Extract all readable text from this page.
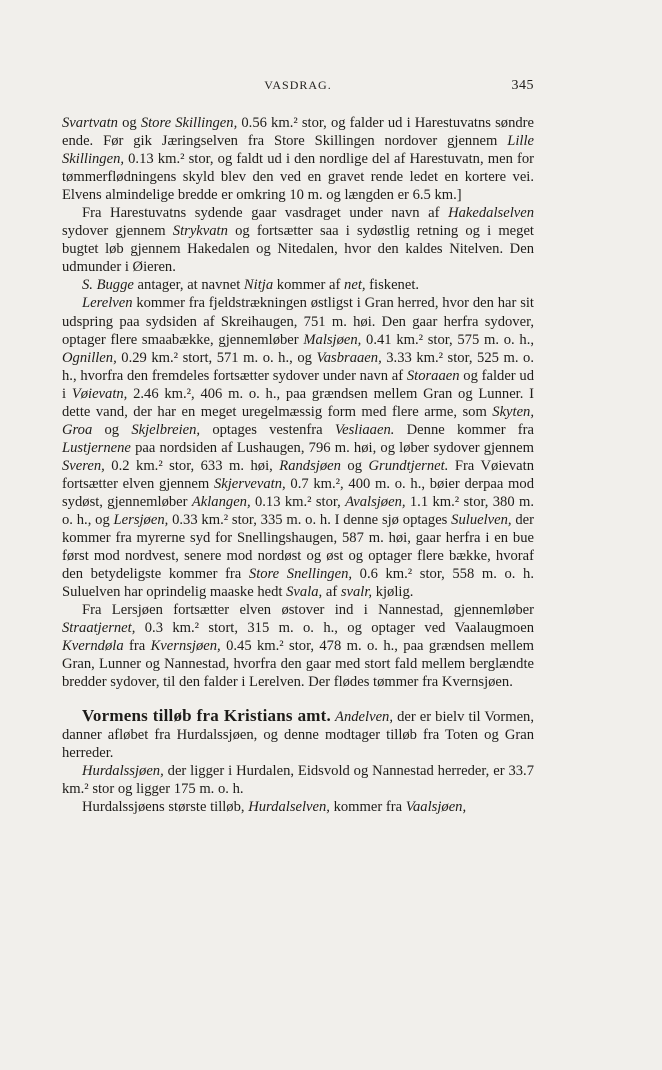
VASDRAG.	345

Svartvatn og Store Skillingen, 0.56 km.² stor, og falder ud i Harestuvatns søndre ende. Før gik Jæringselven fra Store Skillingen nordover gjennem Lille Skillingen, 0.13 km.² stor, og faldt ud i den nordlige del af Harestuvatn, men for tømmerflødningens skyld blev den ved en gravet rende ledet en kortere vei. Elvens almindelige bredde er omkring 10 m. og længden er 6.5 km.]

Fra Harestuvatns sydende gaar vasdraget under navn af Hakedalselven sydover gjennem Strykvatn og fortsætter saa i sydøstlig retning og i meget bugtet løb gjennem Hakedalen og Nitedalen, hvor den kaldes Nitelven. Den udmunder i Øieren.

S. Bugge antager, at navnet Nitja kommer af net, fiskenet.

Lerelven kommer fra fjeldstrækningen østligst i Gran herred, hvor den har sit udspring paa sydsiden af Skreihaugen, 751 m. høi. Den gaar herfra sydover, optager flere smaabække, gjennemløber Malsjøen, 0.41 km.² stor, 575 m. o. h., Ognillen, 0.29 km.² stort, 571 m. o. h., og Vasbraaen, 3.33 km.² stor, 525 m. o. h., hvorfra den fremdeles fortsætter sydover under navn af Storaaen og falder ud i Vøievatn, 2.46 km.², 406 m. o. h., paa grændsen mellem Gran og Lunner. I dette vand, der har en meget uregelmæssig form med flere arme, som Skyten, Groa og Skjelbreien, optages vestenfra Vesliaaen. Denne kommer fra Lustjernene paa nordsiden af Lushaugen, 796 m. høi, og løber sydover gjennem Sveren, 0.2 km.² stor, 633 m. høi, Randsjøen og Grundtjernet. Fra Vøievatn fortsætter elven gjennem Skjervevatn, 0.7 km.², 400 m. o. h., bøier derpaa mod sydøst, gjennemløber Aklangen, 0.13 km.² stor, Avalsjøen, 1.1 km.² stor, 380 m. o. h., og Lersjøen, 0.33 km.² stor, 335 m. o. h. I denne sjø optages Suluelven, der kommer fra myrerne syd for Snellingshaugen, 587 m. høi, gaar herfra i en bue først mod nordvest, senere mod nordøst og øst og optager flere bække, hvoraf den betydeligste kommer fra Store Snellingen, 0.6 km.² stor, 558 m. o. h. Suluelven har oprindelig maaske hedt Svala, af svalr, kjølig.

Fra Lersjøen fortsætter elven østover ind i Nannestad, gjennemløber Straatjernet, 0.3 km.² stort, 315 m. o. h., og optager ved Vaalaugmoen Kverndøla fra Kvernsjøen, 0.45 km.² stor, 478 m. o. h., paa grændsen mellem Gran, Lunner og Nannestad, hvorfra den gaar med stort fald mellem berglændte bredder sydover, til den falder i Lerelven. Der flødes tømmer fra Kvernsjøen.

Vormens tilløb fra Kristians amt. Andelven, der er bielv til Vormen, danner afløbet fra Hurdalssjøen, og denne modtager tilløb fra Toten og Gran herreder.

Hurdalssjøen, der ligger i Hurdalen, Eidsvold og Nannestad herreder, er 33.7 km.² stor og ligger 175 m. o. h.

Hurdalssjøens største tilløb, Hurdalselven, kommer fra Vaalsjøen,
